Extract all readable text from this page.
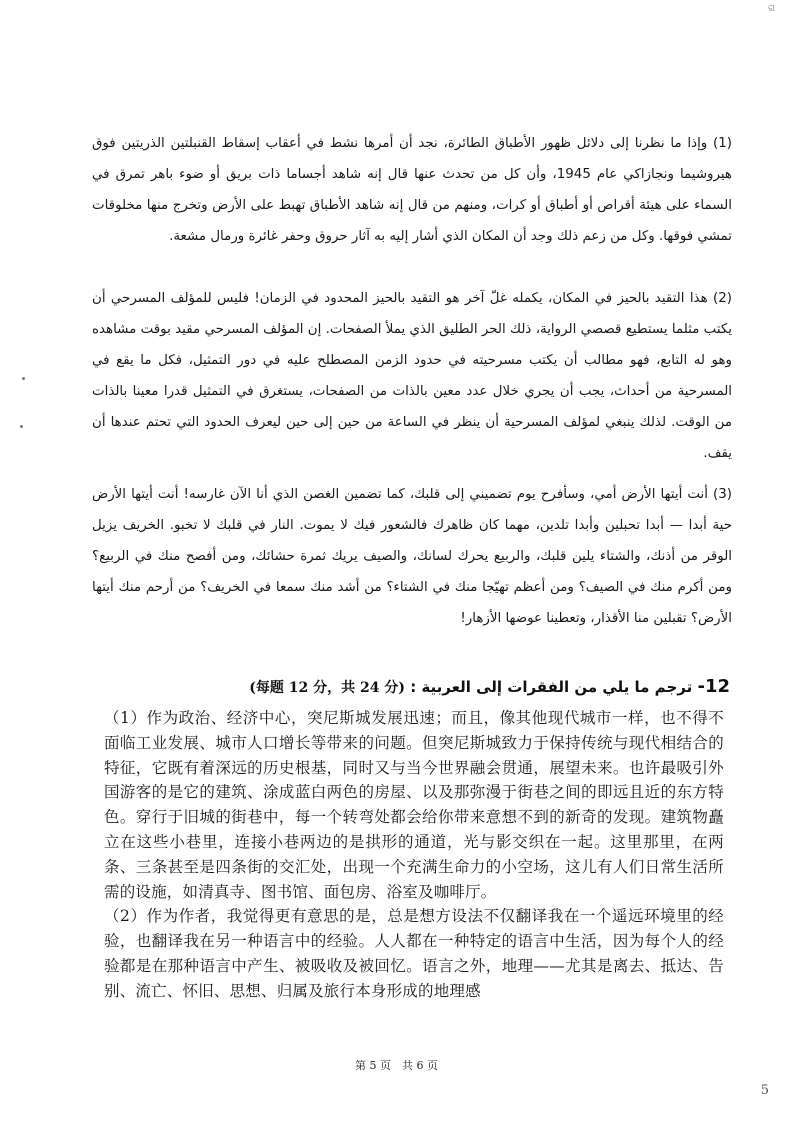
ଗ

(1) وإذا ما نظرنا إلى دلائل ظهور الأطباق الطائرة، نجد أن أمرها نشط في أعقاب إسقاط القنبلتين الذريتين فوق هيروشيما ونجازاكي عام 1945، وأن كل من تحدث عنها قال إنه شاهد أجساما ذات بريق أو ضوء باهر تمرق في السماء على هيئة أقراص أو أطباق أو كرات، ومنهم من قال إنه شاهد الأطباق تهبط على الأرض وتخرج منها مخلوقات تمشي فوقها. وكل من زعم ذلك وجد أن المكان الذي أشار إليه به آثار حروق وحفر غائرة ورمال مشعة.

(2) هذا التقيد بالحيز في المكان، يكمله غلّ آخر هو التقيد بالحيز المحدود في الزمان! فليس للمؤلف المسرحي أن يكتب مثلما يستطيع قصصي الرواية، ذلك الحر الطليق الذي يملأ الصفحات. إن المؤلف المسرحي مقيد بوقت مشاهده وهو له التابع، فهو مطالب أن يكتب مسرحيته في حدود الزمن المصطلح عليه في دور التمثيل، فكل ما يقع في المسرحية من أحداث، يجب أن يجري خلال عدد معين بالذات من الصفحات، يستغرق في التمثيل قدرا معينا بالذات من الوقت. لذلك ينبغي لمؤلف المسرحية أن ينظر في الساعة من حين إلى حين ليعرف الحدود التي تحتم عندها أن يقف.

(3) أنت أيتها الأرض أمي، وسأفرح يوم تضميني إلى قلبك، كما تضمين الغصن الذي أنا الآن غارسه! أنت أيتها الأرض حية أبدا — أبدا تحبلين وأبدا تلدين، مهما كان ظاهرك فالشعور فيك لا يموت. النار في قلبك لا تخبو. الخريف يزيل الوقر من أذنك، والشتاء يلين قلبك، والربيع يحرك لسانك، والصيف يريك ثمرة حشائك، ومن أفصح منك في الربيع؟ ومن أكرم منك في الصيف؟ ومن أعظم تهيّجا منك في الشتاء؟ من أشد منك سمعا في الخريف؟ من أرحم منك أيتها الأرض؟ تقبلين منا الأقذار، وتعطينا عوضها الأزهار!

12- ترجم ما يلي من الفقرات إلى العربية : (每题 12 分，共 24 分)

（1）作为政治、经济中心，突尼斯城发展迅速；而且，像其他现代城市一样，也不得不面临工业发展、城市人口增长等带来的问题。但突尼斯城致力于保持传统与现代相结合的特征，它既有着深远的历史根基，同时又与当今世界融会贯通，展望未来。也许最吸引外国游客的是它的建筑、涂成蓝白两色的房屋、以及那弥漫于街巷之间的即远且近的东方特色。穿行于旧城的街巷中，每一个转弯处都会给你带来意想不到的新奇的发现。建筑物矗立在这些小巷里，连接小巷两边的是拱形的通道，光与影交织在一起。这里那里，在两条、三条甚至是四条街的交汇处，出现一个充满生命力的小空场，这儿有人们日常生活所需的设施，如清真寺、图书馆、面包房、浴室及咖啡厅。

（2）作为作者，我觉得更有意思的是，总是想方设法不仅翻译我在一个遥远环境里的经验，也翻译我在另一种语言中的经验。人人都在一种特定的语言中生活，因为每个人的经验都是在那种语言中产生、被吸收及被回忆。语言之外，地理——尤其是离去、抵达、告别、流亡、怀旧、思想、归属及旅行本身形成的地理感

第 5 页　共 6 页
5
